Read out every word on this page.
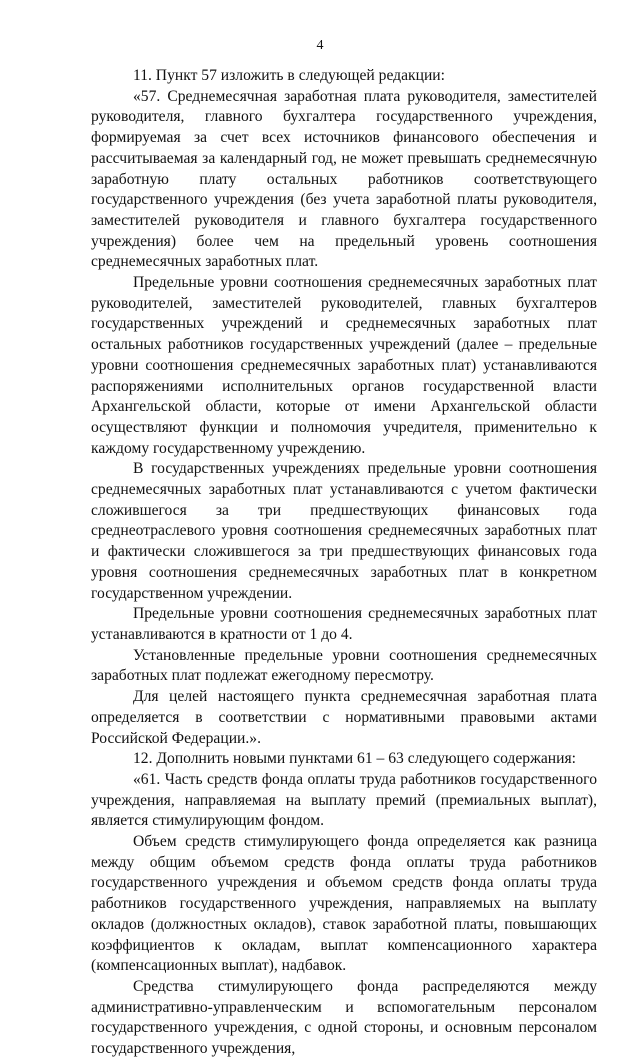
4

11. Пункт 57 изложить в следующей редакции:

«57. Среднемесячная заработная плата руководителя, заместителей руководителя, главного бухгалтера государственного учреждения, формируемая за счет всех источников финансового обеспечения и рассчитываемая за календарный год, не может превышать среднемесячную заработную плату остальных работников соответствующего государственного учреждения (без учета заработной платы руководителя, заместителей руководителя и главного бухгалтера государственного учреждения) более чем на предельный уровень соотношения среднемесячных заработных плат.

Предельные уровни соотношения среднемесячных заработных плат руководителей, заместителей руководителей, главных бухгалтеров государственных учреждений и среднемесячных заработных плат остальных работников государственных учреждений (далее – предельные уровни соотношения среднемесячных заработных плат) устанавливаются распоряжениями исполнительных органов государственной власти Архангельской области, которые от имени Архангельской области осуществляют функции и полномочия учредителя, применительно к каждому государственному учреждению.

В государственных учреждениях предельные уровни соотношения среднемесячных заработных плат устанавливаются с учетом фактически сложившегося за три предшествующих финансовых года среднеотраслевого уровня соотношения среднемесячных заработных плат и фактически сложившегося за три предшествующих финансовых года уровня соотношения среднемесячных заработных плат в конкретном государственном учреждении.

Предельные уровни соотношения среднемесячных заработных плат устанавливаются в кратности от 1 до 4.

Установленные предельные уровни соотношения среднемесячных заработных плат подлежат ежегодному пересмотру.

Для целей настоящего пункта среднемесячная заработная плата определяется в соответствии с нормативными правовыми актами Российской Федерации.».

12. Дополнить новыми пунктами 61 – 63 следующего содержания:

«61. Часть средств фонда оплаты труда работников государственного учреждения, направляемая на выплату премий (премиальных выплат), является стимулирующим фондом.

Объем средств стимулирующего фонда определяется как разница между общим объемом средств фонда оплаты труда работников государственного учреждения и объемом средств фонда оплаты труда работников государственного учреждения, направляемых на выплату окладов (должностных окладов), ставок заработной платы, повышающих коэффициентов к окладам, выплат компенсационного характера (компенсационных выплат), надбавок.

Средства стимулирующего фонда распределяются между административно-управленческим и вспомогательным персоналом государственного учреждения, с одной стороны, и основным персоналом государственного учреждения,
